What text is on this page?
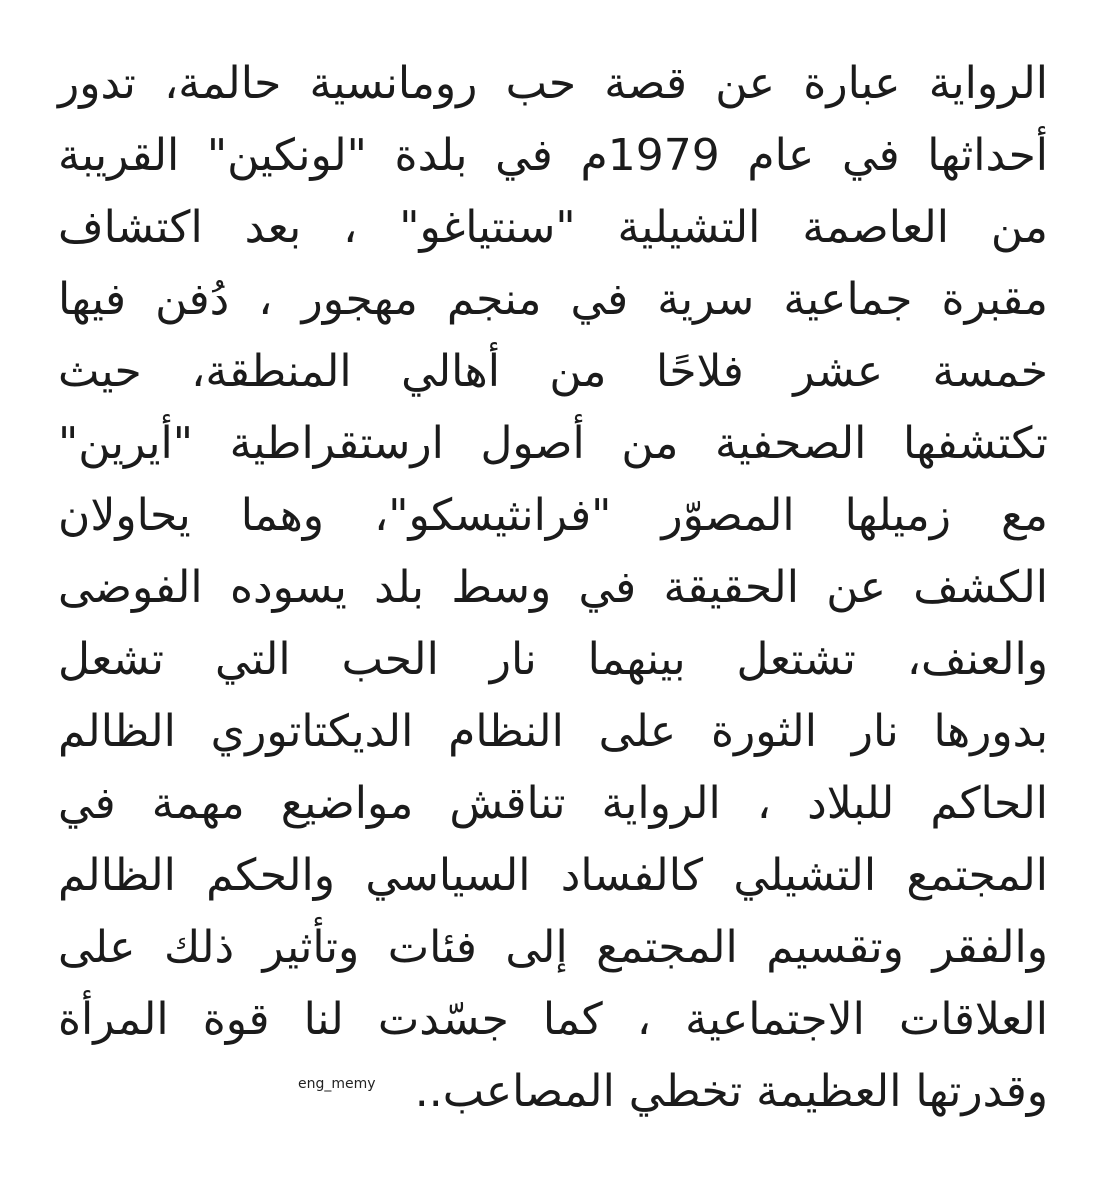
الرواية عبارة عن قصة حب رومانسية حالمة، تدور
أحداثها في عام 1979م في بلدة "لونكين" القريبة
من العاصمة التشيلية "سنتياغو" ، بعد اكتشاف
مقبرة جماعية سرية في منجم مهجور ، دُفن فيها
خمسة عشر فلاحًا من أهالي المنطقة، حيث
تكتشفها الصحفية من أصول ارستقراطية "أيرين"
مع زميلها المصوّر "فرانثيسكو"، وهما يحاولان
الكشف عن الحقيقة في وسط بلد يسوده الفوضى
والعنف، تشتعل بينهما نار الحب التي تشعل
بدورها نار الثورة على النظام الديكتاتوري الظالم
الحاكم للبلاد ، الرواية تناقش مواضيع مهمة في
المجتمع التشيلي كالفساد السياسي والحكم الظالم
والفقر وتقسيم المجتمع إلى فئات وتأثير ذلك على
العلاقات الاجتماعية ، كما جسّدت لنا قوة المرأة
وقدرتها العظيمة تخطي المصاعب..
eng_memy
